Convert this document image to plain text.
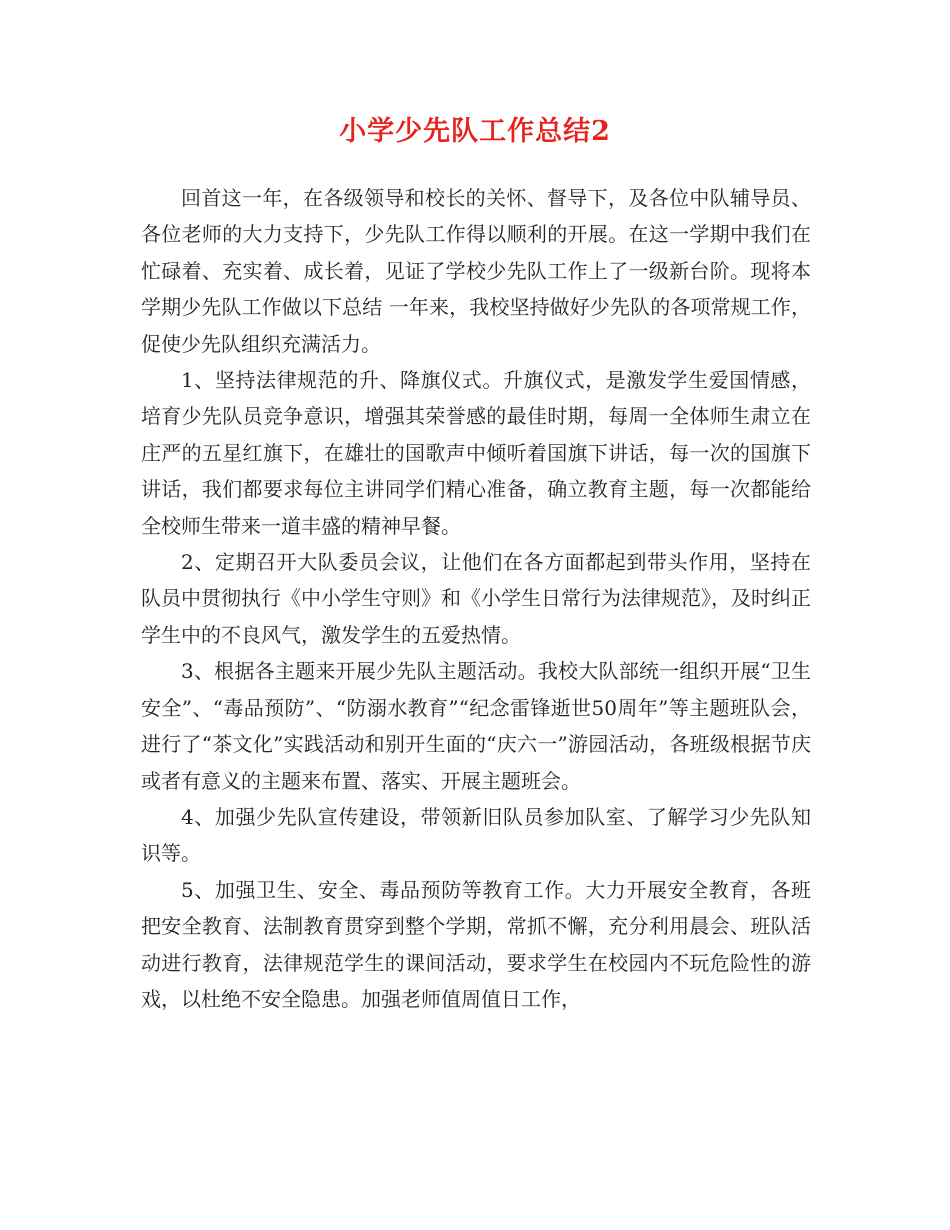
小学少先队工作总结2

回首这一年，在各级领导和校长的关怀、督导下，及各位中队辅导员、各位老师的大力支持下，少先队工作得以顺利的开展。在这一学期中我们在忙碌着、充实着、成长着，见证了学校少先队工作上了一级新台阶。现将本学期少先队工作做以下总结 一年来，我校坚持做好少先队的各项常规工作，促使少先队组织充满活力。

1、坚持法律规范的升、降旗仪式。升旗仪式，是激发学生爱国情感，培育少先队员竞争意识，增强其荣誉感的最佳时期，每周一全体师生肃立在庄严的五星红旗下，在雄壮的国歌声中倾听着国旗下讲话，每一次的国旗下讲话，我们都要求每位主讲同学们精心准备，确立教育主题，每一次都能给全校师生带来一道丰盛的精神早餐。

2、定期召开大队委员会议，让他们在各方面都起到带头作用，坚持在队员中贯彻执行《中小学生守则》和《小学生日常行为法律规范》，及时纠正学生中的不良风气，激发学生的五爱热情。

3、根据各主题来开展少先队主题活动。我校大队部统一组织开展“卫生安全”、“毒品预防”、“防溺水教育”“纪念雷锋逝世50周年”等主题班队会，进行了“茶文化”实践活动和别开生面的“庆六一”游园活动，各班级根据节庆或者有意义的主题来布置、落实、开展主题班会。

4、加强少先队宣传建设，带领新旧队员参加队室、了解学习少先队知识等。

5、加强卫生、安全、毒品预防等教育工作。大力开展安全教育，各班把安全教育、法制教育贯穿到整个学期，常抓不懈，充分利用晨会、班队活动进行教育，法律规范学生的课间活动，要求学生在校园内不玩危险性的游戏，以杜绝不安全隐患。加强老师值周值日工作，
